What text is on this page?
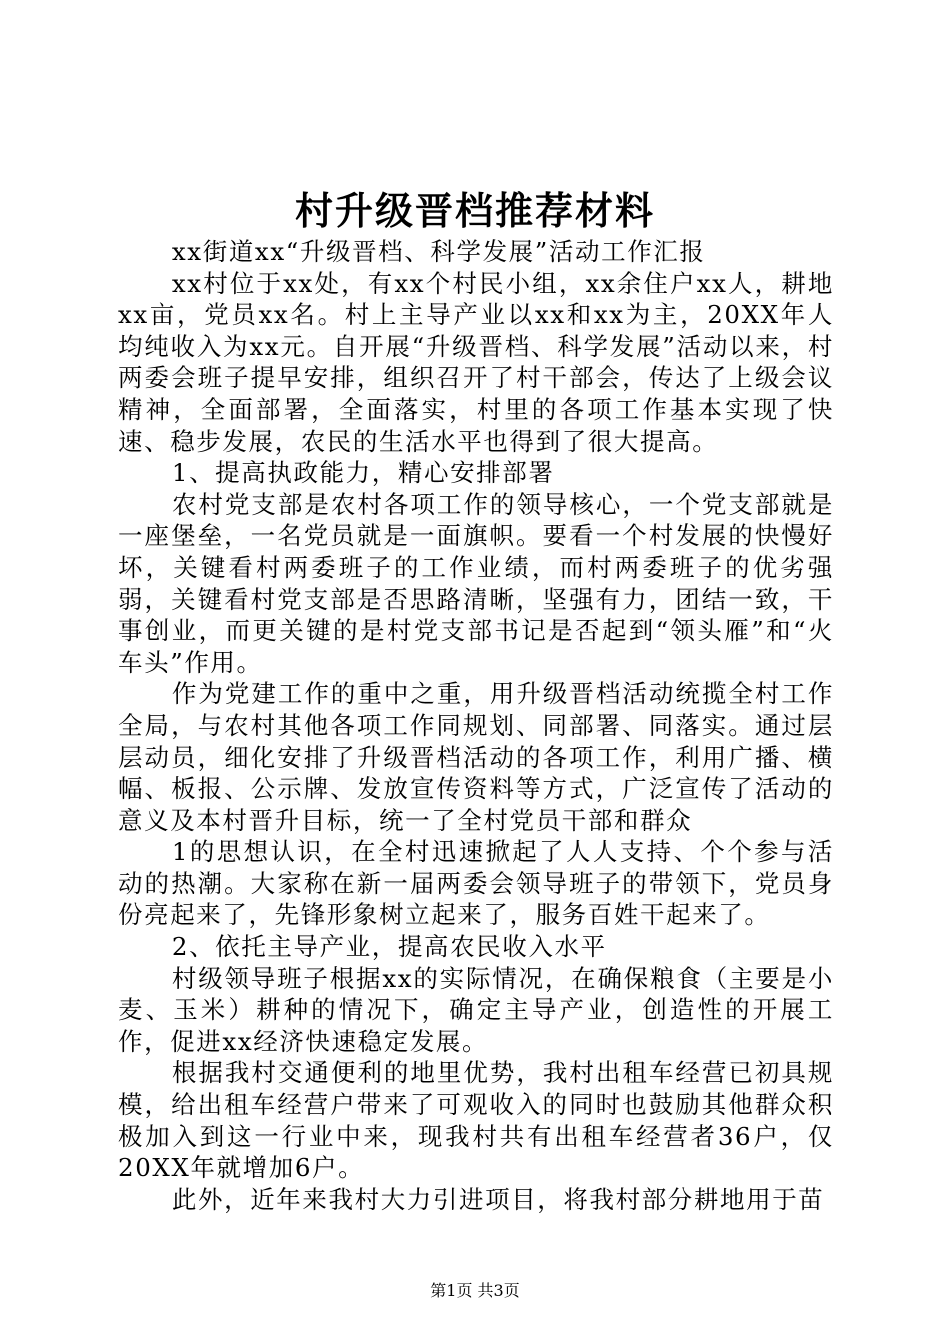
村升级晋档推荐材料

xx街道xx“升级晋档、科学发展”活动工作汇报

xx村位于xx处，有xx个村民小组，xx余住户xx人，耕地xx亩，党员xx名。村上主导产业以xx和xx为主，20XX年人均纯收入为xx元。自开展“升级晋档、科学发展”活动以来，村两委会班子提早安排，组织召开了村干部会，传达了上级会议精神，全面部署，全面落实，村里的各项工作基本实现了快速、稳步发展，农民的生活水平也得到了很大提高。

1、提高执政能力，精心安排部署

农村党支部是农村各项工作的领导核心，一个党支部就是一座堡垒，一名党员就是一面旗帜。要看一个村发展的快慢好坏，关键看村两委班子的工作业绩，而村两委班子的优劣强弱，关键看村党支部是否思路清晰，坚强有力，团结一致，干事创业，而更关键的是村党支部书记是否起到“领头雁”和“火车头”作用。

作为党建工作的重中之重，用升级晋档活动统揽全村工作全局，与农村其他各项工作同规划、同部署、同落实。通过层层动员，细化安排了升级晋档活动的各项工作，利用广播、横幅、板报、公示牌、发放宣传资料等方式，广泛宣传了活动的意义及本村晋升目标，统一了全村党员干部和群众

1的思想认识，在全村迅速掀起了人人支持、个个参与活动的热潮。大家称在新一届两委会领导班子的带领下，党员身份亮起来了，先锋形象树立起来了，服务百姓干起来了。

2、依托主导产业，提高农民收入水平

村级领导班子根据xx的实际情况，在确保粮食（主要是小麦、玉米）耕种的情况下，确定主导产业，创造性的开展工作，促进xx经济快速稳定发展。

根据我村交通便利的地里优势，我村出租车经营已初具规模，给出租车经营户带来了可观收入的同时也鼓励其他群众积极加入到这一行业中来，现我村共有出租车经营者36户，仅20XX年就增加6户。

此外，近年来我村大力引进项目，将我村部分耕地用于苗

第1页 共3页
